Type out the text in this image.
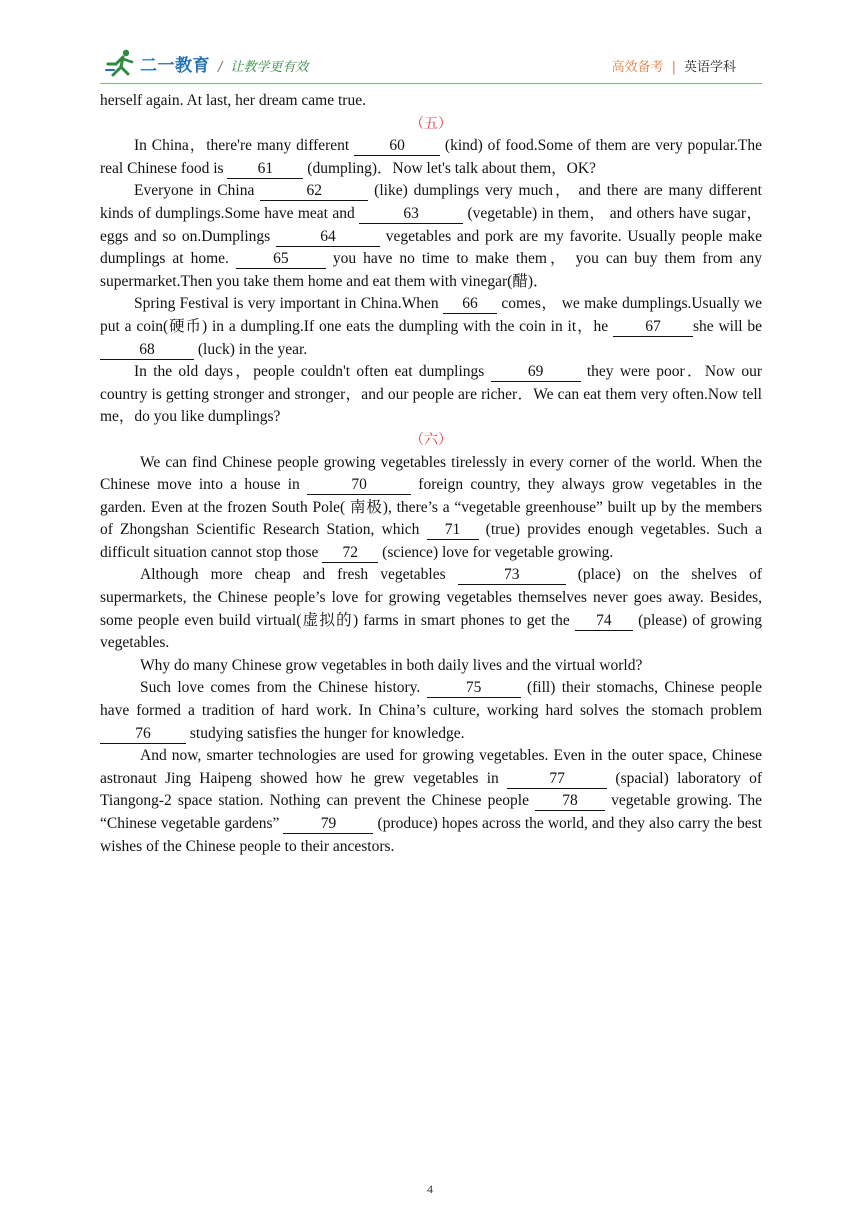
二一教育 / 让教学更有效	高效备考 | 英语学科

herself again. At last, her dream came true.

（五）

In China，there're many different 60 (kind) of food.Some of them are very popular.The real Chinese food is 61 (dumpling)．Now let's talk about them，OK?

Everyone in China	62	(like) dumplings very much， and there are many different kinds of dumplings.Some have meat and	63	(vegetable) in them， and others have sugar， eggs and so on.Dumplings	64	vegetables and pork are my favorite. Usually people make dumplings at home. 65 you have no time to make them， you can buy them from any supermarket.Then you take them home and eat them with vinegar(醋)．

Spring Festival is very important in China.When 66 comes， we make dumplings.Usually we put a coin(硬币) in a dumpling.If one eats the dumpling with the coin in it，he 67 she will be 68	(luck) in the year.

In the old days，people couldn't often eat dumplings 69 they were poor．Now our country is getting stronger and stronger，and our people are richer．We can eat them very often.Now tell me，do you like dumplings?

（六）

We can find Chinese people growing vegetables tirelessly in every corner of the world. When the Chinese move into a house in	70	foreign country, they always grow vegetables in the garden. Even at the frozen South Pole( 南极), there’s a “vegetable greenhouse” built up by the members of Zhongshan Scientific Research Station, which 71 (true) provides enough vegetables. Such a difficult situation cannot stop those 72 (science) love for vegetable growing.

Although more cheap and fresh vegetables	73	(place) on the shelves of supermarkets, the Chinese people’s love for growing vegetables themselves never goes away. Besides, some people even build virtual(虚拟的) farms in smart phones to get the 74 (please) of growing vegetables.

Why do many Chinese grow vegetables in both daily lives and the virtual world?

Such love comes from the Chinese history.	75	(fill) their stomachs, Chinese people have formed a tradition of hard work. In China’s culture, working hard solves the stomach problem 76 studying satisfies the hunger for knowledge.

And now, smarter technologies are used for growing vegetables. Even in the outer space, Chinese astronaut Jing Haipeng showed how he grew vegetables in	77	(spacial) laboratory of Tiangong-2 space station. Nothing can prevent the Chinese people 78 vegetable growing. The “Chinese vegetable gardens” 79 (produce) hopes across the world, and they also carry the best wishes of the Chinese people to their ancestors.

4
